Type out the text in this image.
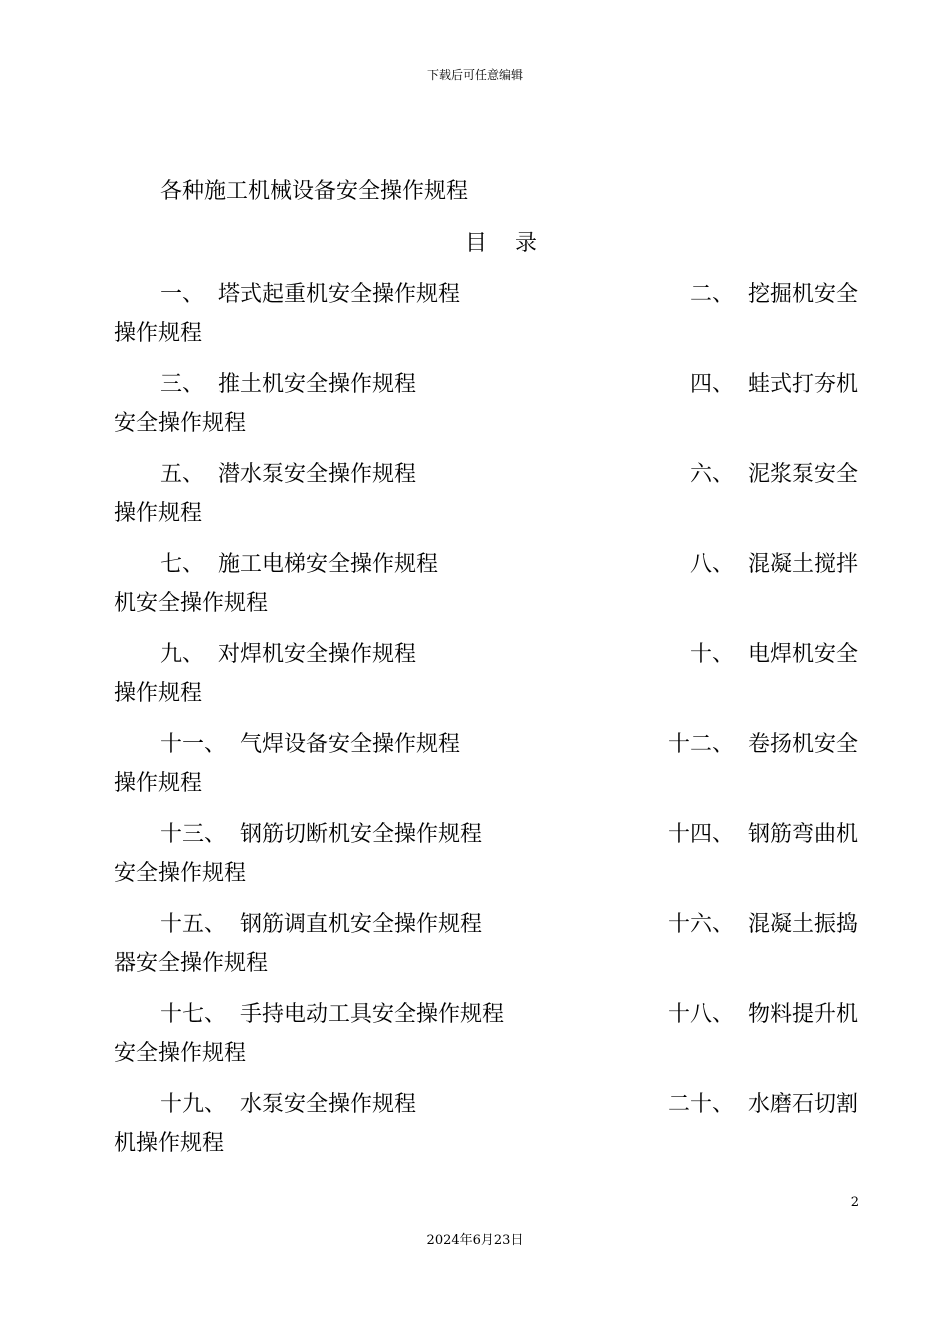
下载后可任意编辑
各种施工机械设备安全操作规程
目    录
一、  塔式起重机安全操作规程	二、  挖掘机安全
操作规程
三、  推土机安全操作规程	四、  蛙式打夯机
安全操作规程
五、  潜水泵安全操作规程	六、  泥浆泵安全
操作规程
七、  施工电梯安全操作规程	八、  混凝土搅拌
机安全操作规程
九、  对焊机安全操作规程	十、  电焊机安全
操作规程
十一、  气焊设备安全操作规程	十二、  卷扬机安全
操作规程
十三、  钢筋切断机安全操作规程	十四、  钢筋弯曲机
安全操作规程
十五、  钢筋调直机安全操作规程	十六、  混凝土振捣
器安全操作规程
十七、  手持电动工具安全操作规程	十八、  物料提升机
安全操作规程
十九、  水泵安全操作规程	二十、  水磨石切割
机操作规程
2
2024年6月23日
